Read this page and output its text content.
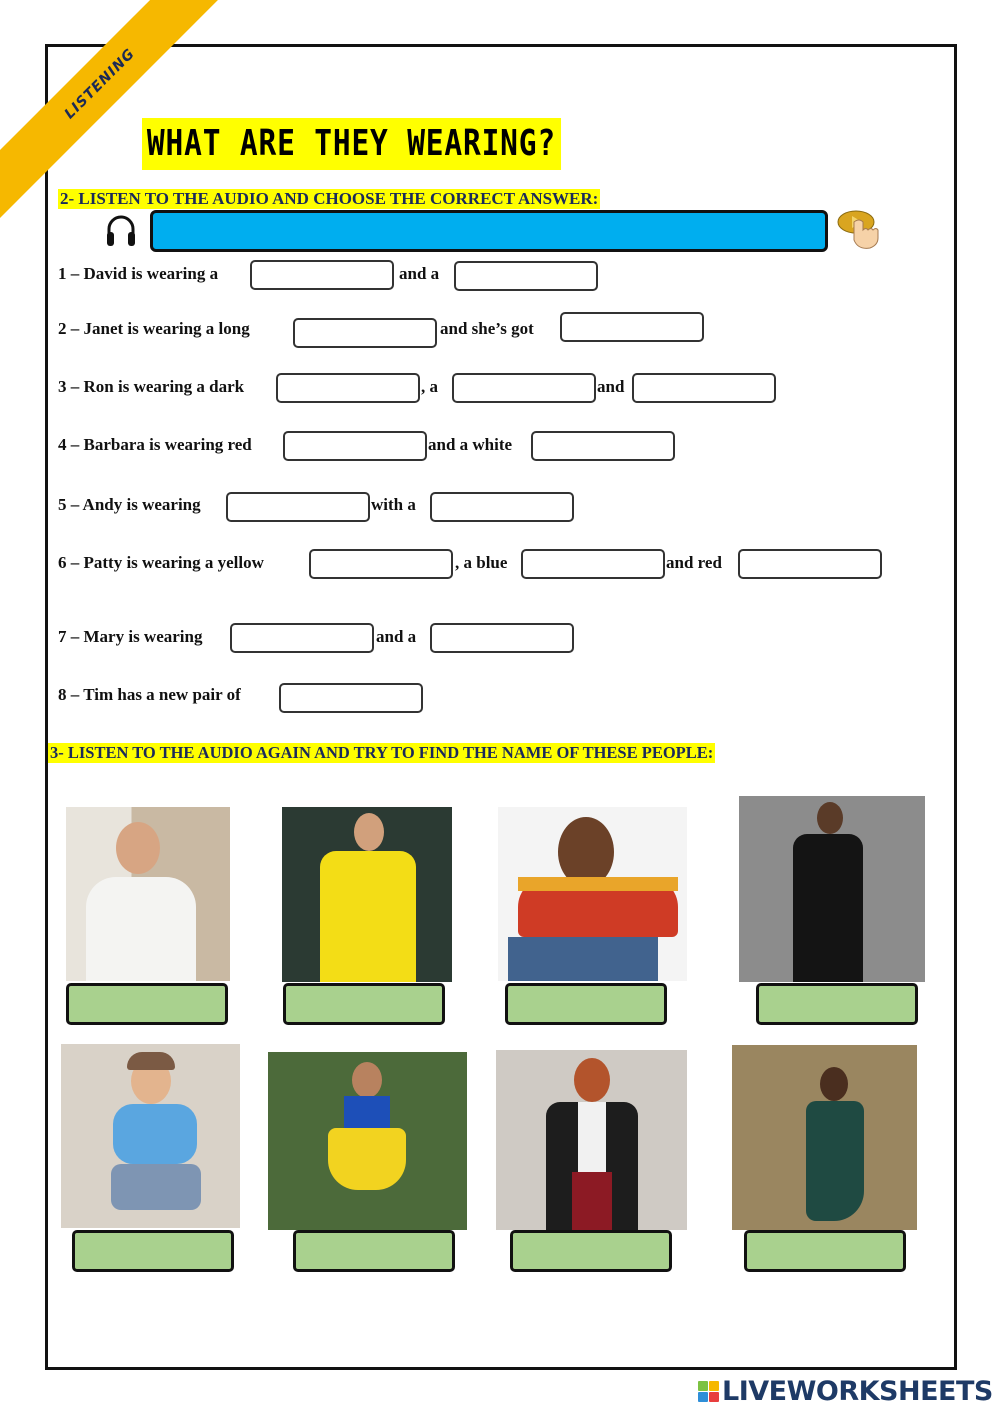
LISTENING
WHAT ARE THEY WEARING?
2- LISTEN TO THE AUDIO AND CHOOSE THE CORRECT ANSWER:
1 – David is wearing a	and a
2 – Janet is wearing a long	and she’s got
3 – Ron is wearing a dark	, a	and
4 – Barbara is wearing red	and a white
5 – Andy is wearing	with a
6 – Patty is wearing a yellow	, a blue	and red
7 – Mary is wearing	and a
8 – Tim has a new pair of
3- LISTEN TO THE AUDIO AGAIN AND TRY TO FIND THE NAME OF THESE PEOPLE:
LIVEWORKSHEETS
